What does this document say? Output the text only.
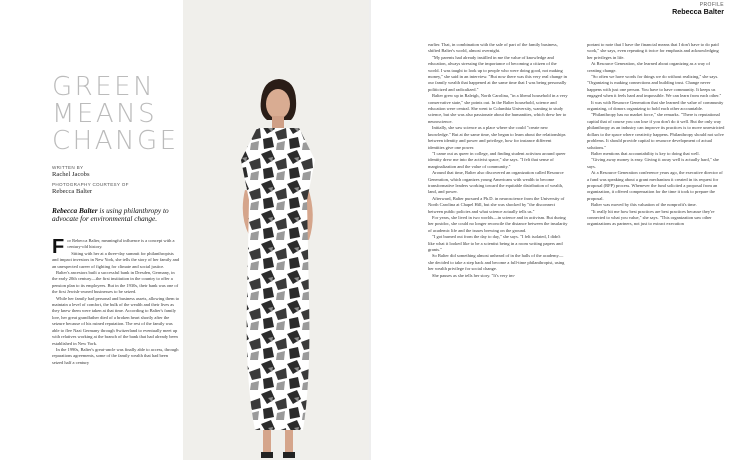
GREEN
MEANS
CHANGE
WRITTEN BY
Rachel Jacobs
PHOTOGRAPHY COURTESY OF
Rebecca Balter
Rebecca Balter is using philanthropy to advocate for environmental change.

For Rebecca Balter, meaningful influence is a concept with a century-old history.

Sitting with her at a three-day summit for philanthropists and impact investors in New York, she tells the story of her family and an unexpected career of fighting for climate and social justice.

Balter's ancestors built a successful bank in Dresden, Germany, in the early 20th century—the first institution in the country to offer a pension plan to its employees. But in the 1930s, their bank was one of the first Jewish-owned businesses to be seized.

While her family had personal and business assets, allowing them to maintain a level of comfort, the bulk of the wealth and their lives as they knew them were taken at that time. According to Balter's family lore, her great grandfather died of a broken heart shortly after the seizure because of his ruined reputation. The rest of the family was able to flee Nazi Germany through Switzerland to eventually meet up with relatives working at the branch of the bank that had already been established in New York.

In the 1990s, Balter's great-uncle was finally able to access, through reparations agreements, some of the family wealth that had been seized half a century

PROFILE
Rebecca Balter

earlier. That, in combination with the sale of part of the family business, shifted Balter's world, almost overnight.

"My parents had already instilled in me the value of knowledge and education, always stressing the importance of becoming a citizen of the world. I was taught to look up to people who were doing good, not making money," she said in an interview. "But now there was this very real change in our family wealth that happened at the same time that I was being personally politicized and radicalized."

Balter grew up in Raleigh, North Carolina, "in a liberal household in a very conservative state," she points out. In the Balter household, science and education were central. She went to Columbia University, wanting to study science, but she was also passionate about the humanities, which drew her to neuroscience.

Initially, she saw science as a place where she could "create new knowledge." But at the same time, she began to learn about the relationships between identity and power and privilege, how for instance different identities give one power.

"I came out as queer in college, and finding student activism around queer identity drew me into the activist space," she says. "I felt that sense of marginalization and the value of community."

Around that time, Balter also discovered an organization called Resource Generation, which organizes young Americans with wealth to become transformative leaders working toward the equitable distribution of wealth, land, and power.

Afterward, Balter pursued a Ph.D. in neuroscience from the University of North Carolina at Chapel Hill, but she was shocked by "the disconnect between public policies and what science actually tells us."

For years, she lived in two worlds—in science and in activism. But during her postdoc, she could no longer reconcile the distance between the insularity of academic life and the issues brewing on the ground.

"I got burned out from the day to day," she says. "I felt isolated, I didn't like what it looked like to be a scientist being in a room writing papers and grants."

So Balter did something almost unheard of in the halls of the academy—she decided to take a step back and become a full-time philanthropist, using her wealth privilege for social change.

She pauses as she tells her story. "It's very im-

portant to note that I have the financial means that I don't have to do paid work," she says, even repeating it twice for emphasis and acknowledging her privileges in life.

At Resource Generation, she learned about organizing as a way of creating change.

"So often we have words for things we do without realizing," she says. "Organizing is making connections and building trust. Change never happens with just one person. You have to have community. It keeps us engaged when it feels hard and impossible. We can learn from each other."

It was with Resource Generation that she learned the value of community organizing, of donors organizing to hold each other accountable.

"Philanthropy has no market force," she remarks. "There is reputational capital that of course you can lose if you don't do it well. But the only way philanthropy as an industry can improve its practices is to move unrestricted dollars to the space where creativity happens. Philanthropy should not solve problems. It should provide capital to resource development of actual solutions."

Balter mentions that accountability is key to doing that well.

"Giving away money is easy. Giving it away well is actually hard," she says.

At a Resource Generation conference years ago, the executive director of a fund was speaking about a grant mechanism it created in its request for proposal (RFP) process. Whenever the fund solicited a proposal from an organization, it offered compensation for the time it took to prepare the proposal.

Balter was moved by this valuation of the nonprofit's time.

"It really hit me how best practices are best practices because they're connected to what you value," she says. "This organization saw other organizations as partners, not just to extract execution
